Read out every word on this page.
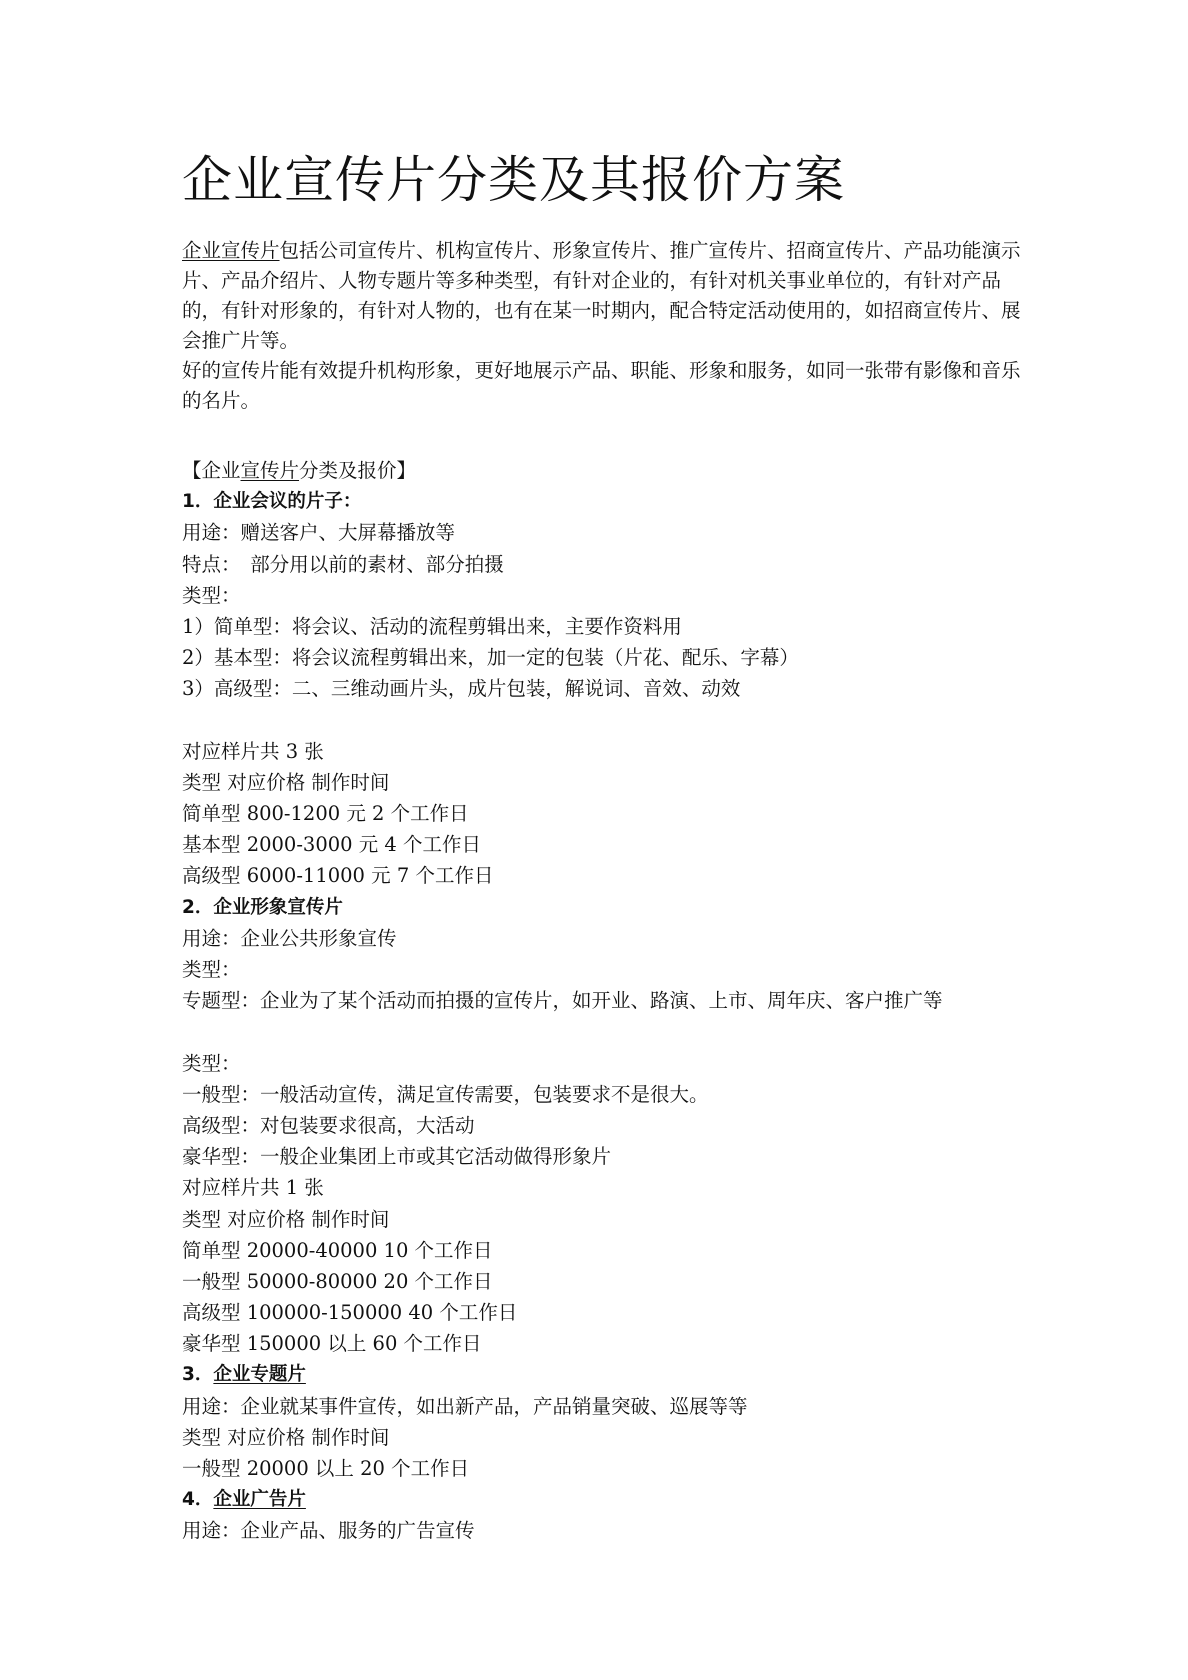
企业宣传片分类及其报价方案

企业宣传片包括公司宣传片、机构宣传片、形象宣传片、推广宣传片、招商宣传片、产品功能演示片、产品介绍片、人物专题片等多种类型，有针对企业的，有针对机关事业单位的，有针对产品的，有针对形象的，有针对人物的，也有在某一时期内，配合特定活动使用的，如招商宣传片、展会推广片等。

好的宣传片能有效提升机构形象，更好地展示产品、职能、形象和服务，如同一张带有影像和音乐的名片。

【企业宣传片分类及报价】
1．企业会议的片子：
用途：赠送客户、大屏幕播放等
特点：　部分用以前的素材、部分拍摄
类型：
1）简单型：将会议、活动的流程剪辑出来，主要作资料用
2）基本型：将会议流程剪辑出来，加一定的包装（片花、配乐、字幕）
3）高级型：二、三维动画片头，成片包装，解说词、音效、动效
对应样片共 3 张
类型 对应价格 制作时间
简单型 800-1200 元 2 个工作日
基本型 2000-3000 元 4 个工作日
高级型 6000-11000 元 7 个工作日
2．企业形象宣传片
用途：企业公共形象宣传
类型：
专题型：企业为了某个活动而拍摄的宣传片，如开业、路演、上市、周年庆、客户推广等
类型：
一般型：一般活动宣传，满足宣传需要，包装要求不是很大。
高级型：对包装要求很高，大活动
豪华型：一般企业集团上市或其它活动做得形象片
对应样片共 1 张
类型 对应价格 制作时间
简单型 20000-40000 10 个工作日
一般型 50000-80000 20 个工作日
高级型 100000-150000 40 个工作日
豪华型 150000 以上 60 个工作日
3．企业专题片
用途：企业就某事件宣传，如出新产品，产品销量突破、巡展等等
类型 对应价格 制作时间
一般型 20000 以上 20 个工作日
4．企业广告片
用途：企业产品、服务的广告宣传
